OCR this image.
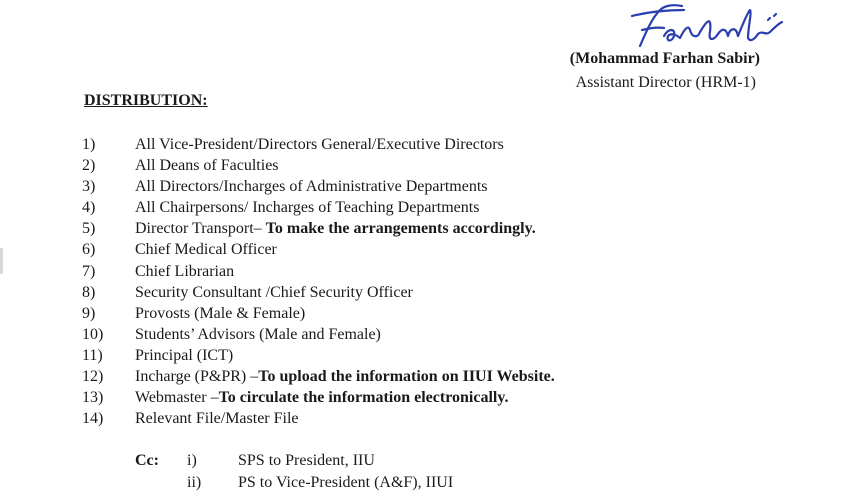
(Mohammad Farhan Sabir)
Assistant Director (HRM-1)
DISTRIBUTION:
1)	All Vice-President/Directors General/Executive Directors
2)	All Deans of Faculties
3)	All Directors/Incharges of Administrative Departments
4)	All Chairpersons/ Incharges of Teaching Departments
5)	Director Transport– To make the arrangements accordingly.
6)	Chief Medical Officer
7)	Chief Librarian
8)	Security Consultant /Chief Security Officer
9)	Provosts (Male & Female)
10)	Students’ Advisors (Male and Female)
11)	Principal (ICT)
12)	Incharge (P&PR) –To upload the information on IIUI Website.
13)	Webmaster –To circulate the information electronically.
14)	Relevant File/Master File
Cc: i)	SPS to President, IIU
ii) PS to Vice-President (A&F), IIUI
